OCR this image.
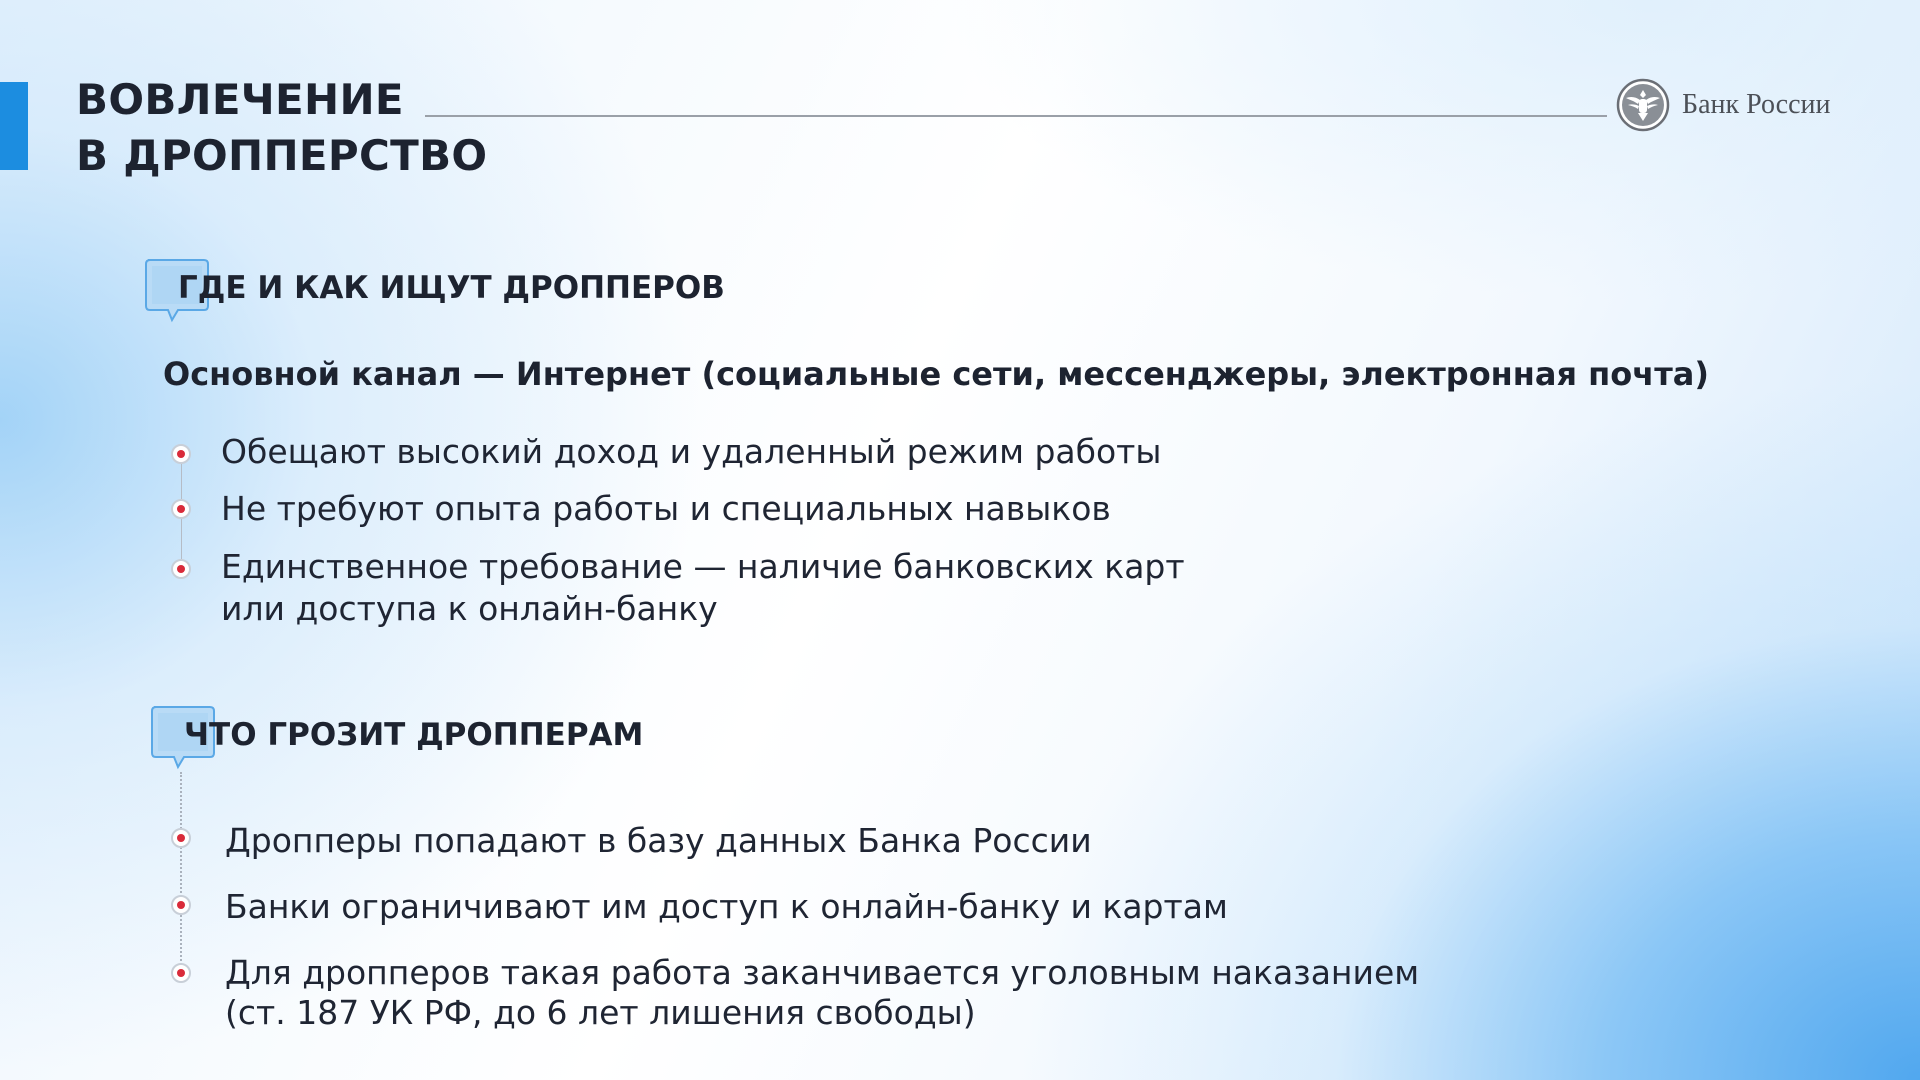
ВОВЛЕЧЕНИЕ
В ДРОППЕРСТВО
Банк России
ГДЕ И КАК ИЩУТ ДРОППЕРОВ

Основной канал — Интернет (социальные сети, мессенджеры, электронная почта)

Обещают высокий доход и удаленный режим работы
Не требуют опыта работы и специальных навыков
Единственное требование — наличие банковских карт
или доступа к онлайн-банку
ЧТО ГРОЗИТ ДРОППЕРАМ
Дропперы попадают в базу данных Банка России
Банки ограничивают им доступ к онлайн-банку и картам
Для дропперов такая работа заканчивается уголовным наказанием
(ст. 187 УК РФ, до 6 лет лишения свободы)
